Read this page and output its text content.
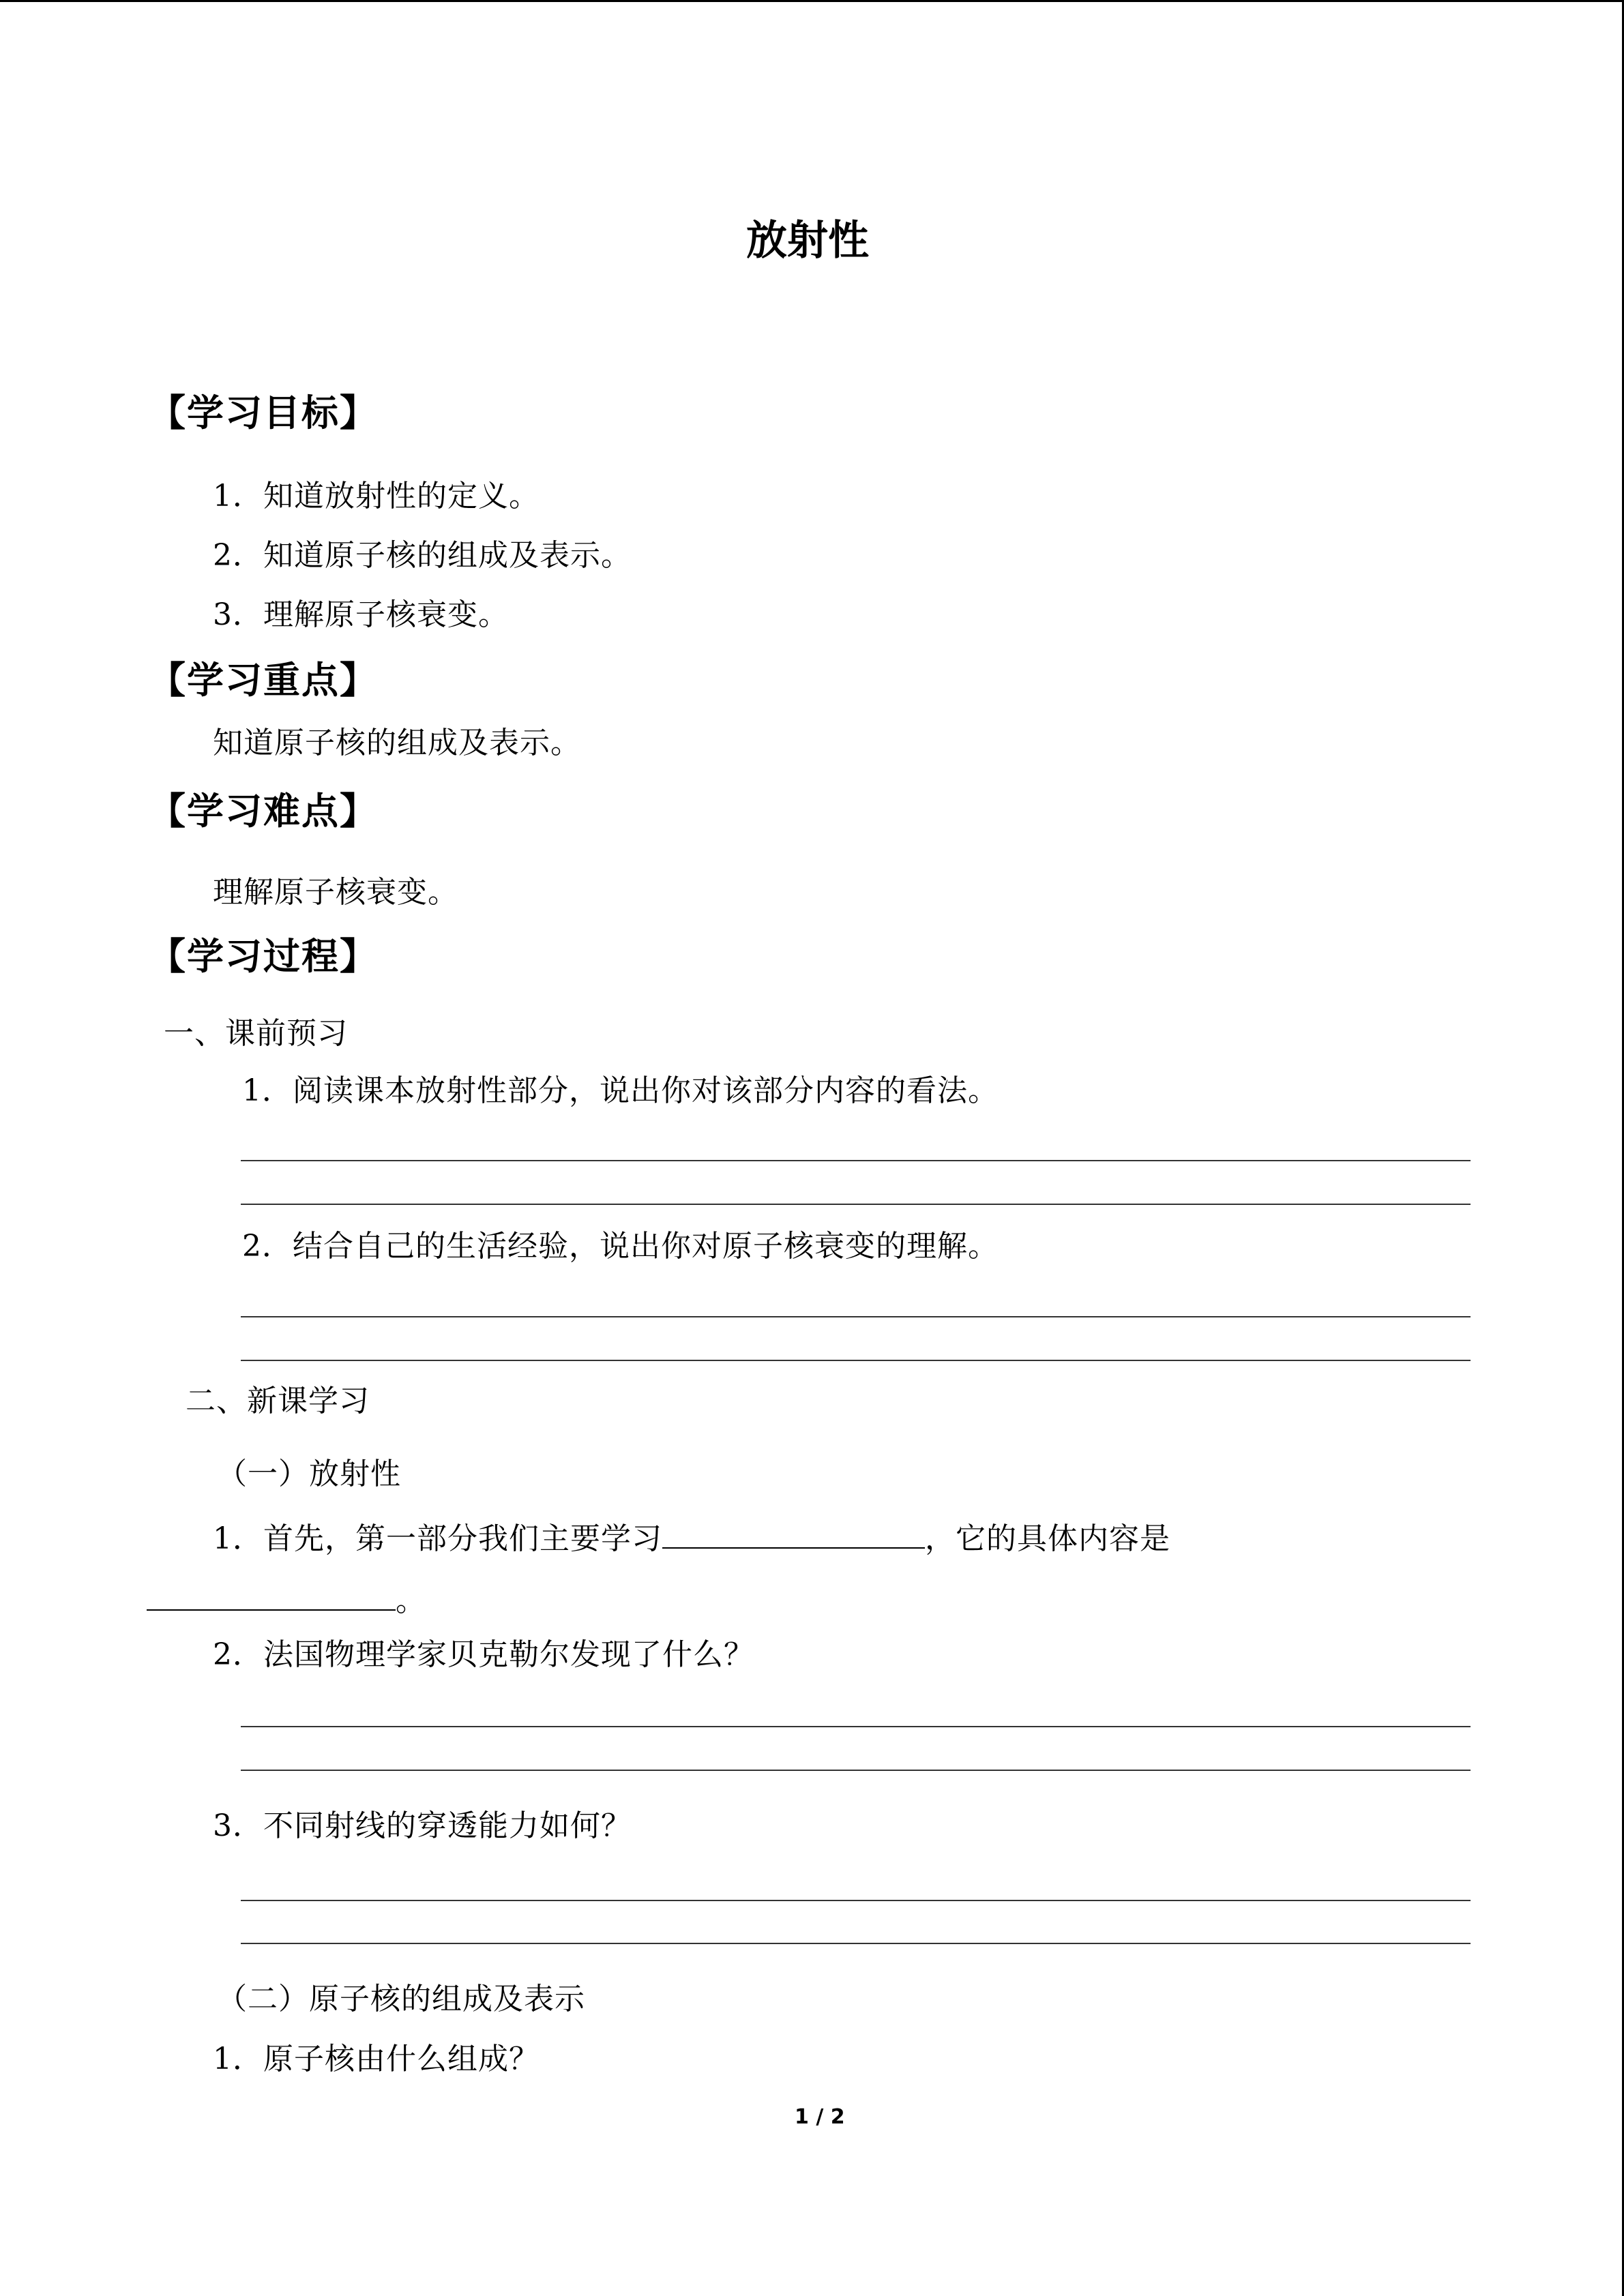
放射性
【学习目标】
1．知道放射性的定义。
2．知道原子核的组成及表示。
3．理解原子核衰变。
【学习重点】
知道原子核的组成及表示。
【学习难点】
理解原子核衰变。
【学习过程】
一、课前预习
1．阅读课本放射性部分，说出你对该部分内容的看法。
2．结合自己的生活经验，说出你对原子核衰变的理解。
二、新课学习
（一）放射性
1．首先，第一部分我们主要学习	，它的具体内容是
。
2．法国物理学家贝克勒尔发现了什么？
3．不同射线的穿透能力如何？
（二）原子核的组成及表示
1．原子核由什么组成？
1 / 2
